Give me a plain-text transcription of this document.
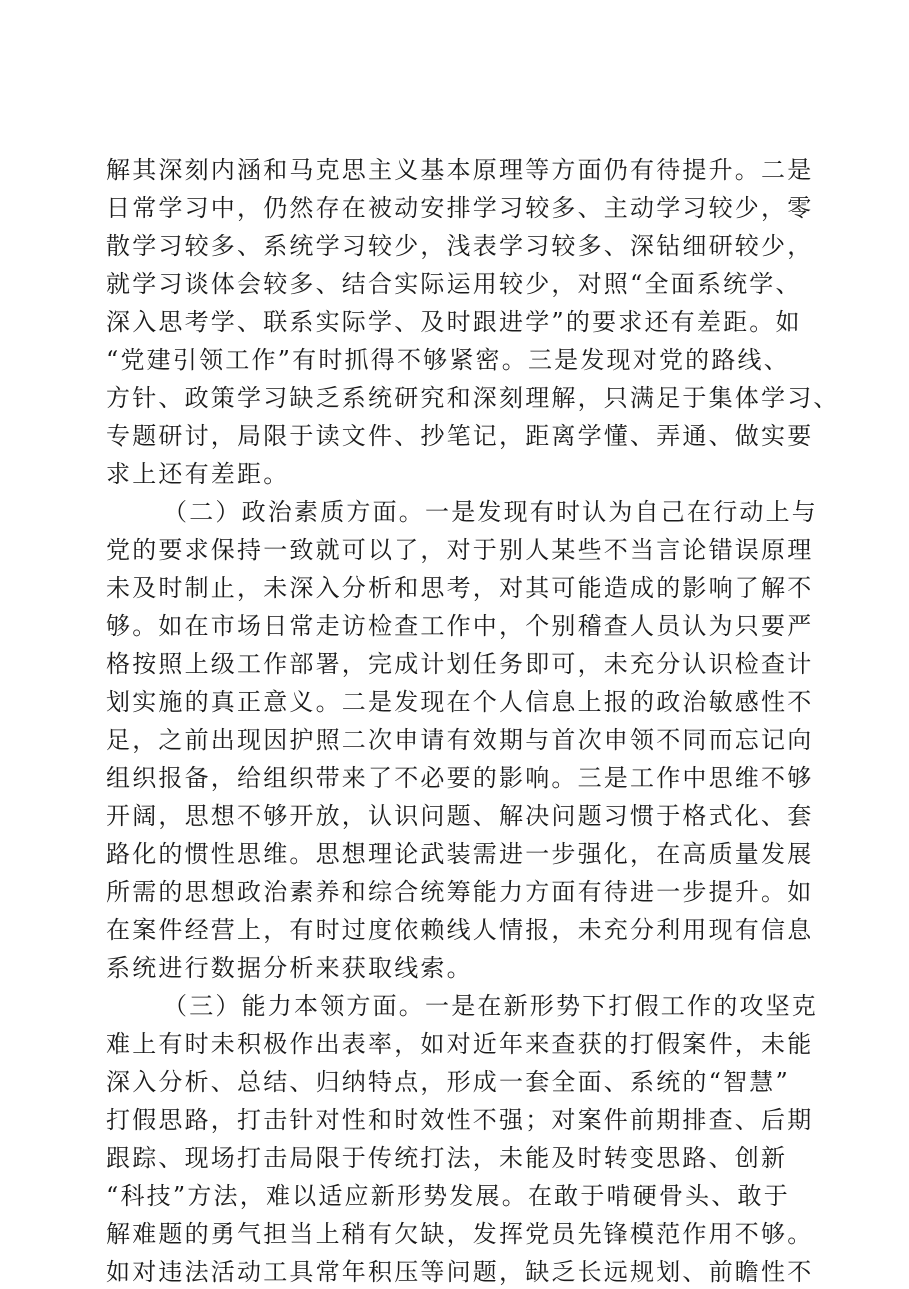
解其深刻内涵和马克思主义基本原理等方面仍有待提升。二是
日常学习中，仍然存在被动安排学习较多、主动学习较少，零
散学习较多、系统学习较少，浅表学习较多、深钻细研较少，
就学习谈体会较多、结合实际运用较少，对照“全面系统学、
深入思考学、联系实际学、及时跟进学”的要求还有差距。如
“党建引领工作”有时抓得不够紧密。三是发现对党的路线、
方针、政策学习缺乏系统研究和深刻理解，只满足于集体学习、
专题研讨，局限于读文件、抄笔记，距离学懂、弄通、做实要
求上还有差距。
（二）政治素质方面。一是发现有时认为自己在行动上与
党的要求保持一致就可以了，对于别人某些不当言论错误原理
未及时制止，未深入分析和思考，对其可能造成的影响了解不
够。如在市场日常走访检查工作中，个别稽查人员认为只要严
格按照上级工作部署，完成计划任务即可，未充分认识检查计
划实施的真正意义。二是发现在个人信息上报的政治敏感性不
足，之前出现因护照二次申请有效期与首次申领不同而忘记向
组织报备，给组织带来了不必要的影响。三是工作中思维不够
开阔，思想不够开放，认识问题、解决问题习惯于格式化、套
路化的惯性思维。思想理论武装需进一步强化，在高质量发展
所需的思想政治素养和综合统筹能力方面有待进一步提升。如
在案件经营上，有时过度依赖线人情报，未充分利用现有信息
系统进行数据分析来获取线索。
（三）能力本领方面。一是在新形势下打假工作的攻坚克
难上有时未积极作出表率，如对近年来查获的打假案件，未能
深入分析、总结、归纳特点，形成一套全面、系统的“智慧”
打假思路，打击针对性和时效性不强；对案件前期排查、后期
跟踪、现场打击局限于传统打法，未能及时转变思路、创新
“科技”方法，难以适应新形势发展。在敢于啃硬骨头、敢于
解难题的勇气担当上稍有欠缺，发挥党员先锋模范作用不够。
如对违法活动工具常年积压等问题，缺乏长远规划、前瞻性不
